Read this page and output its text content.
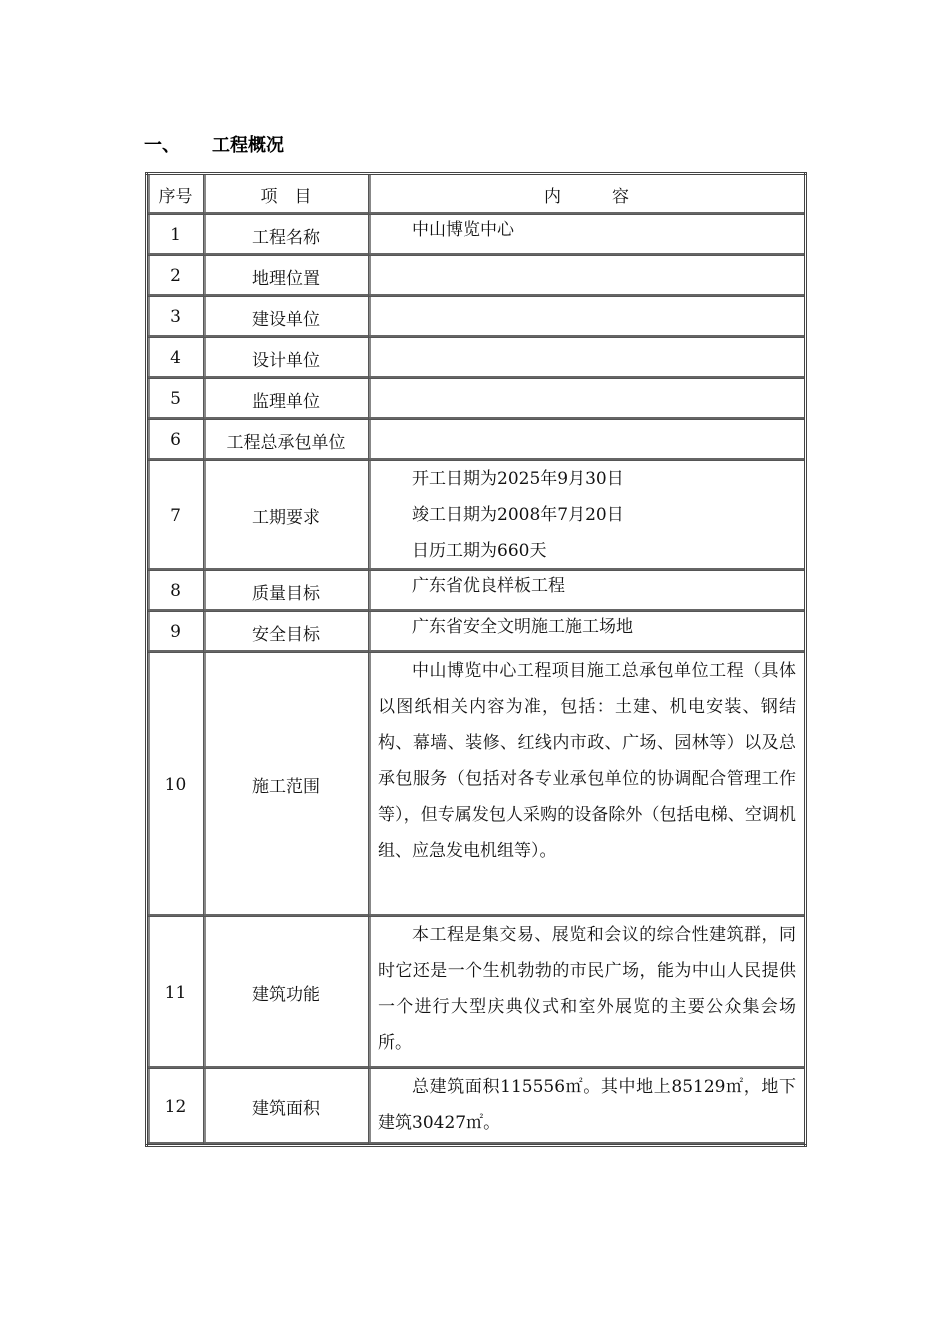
一、 工程概况
序号	项　目	内　　　容
1	工程名称	中山博览中心

2	地理位置	
3	建设单位	
4	设计单位	
5	监理单位	
6	工程总承包单位	
7	工期要求	开工日期为2025年9月30日

竣工日期为2008年7月20日

日历工期为660天

8	质量目标	广东省优良样板工程

9	安全目标	广东省安全文明施工施工场地

10	施工范围	中山博览中心工程项目施工总承包单位工程（具体以图纸相关内容为准，包括：土建、机电安装、钢结构、幕墙、装修、红线内市政、广场、园林等）以及总承包服务（包括对各专业承包单位的协调配合管理工作等），但专属发包人采购的设备除外（包括电梯、空调机组、应急发电机组等）。

11	建筑功能	本工程是集交易、展览和会议的综合性建筑群，同时它还是一个生机勃勃的市民广场，能为中山人民提供一个进行大型庆典仪式和室外展览的主要公众集会场所。

12	建筑面积	总建筑面积115556㎡。其中地上85129㎡，地下建筑30427㎡。
